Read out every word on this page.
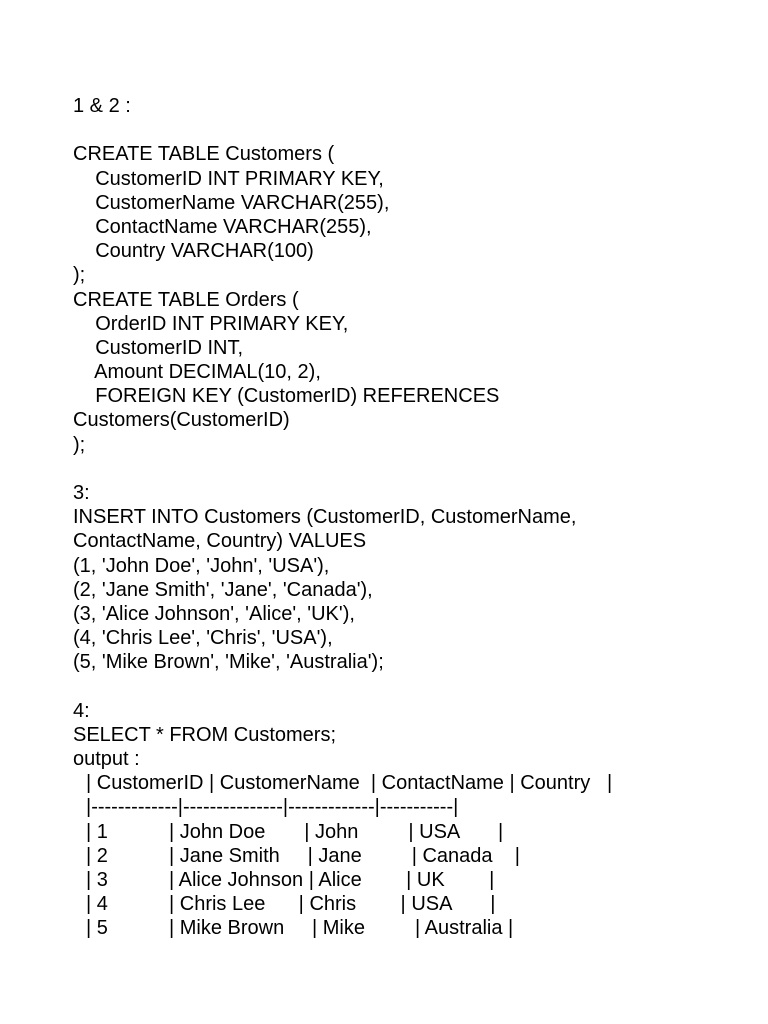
1 & 2 :
CREATE TABLE Customers (
CustomerID INT PRIMARY KEY,
CustomerName VARCHAR(255),
ContactName VARCHAR(255),
Country VARCHAR(100)
);
CREATE TABLE Orders (
OrderID INT PRIMARY KEY,
CustomerID INT,
Amount DECIMAL(10, 2),
FOREIGN KEY (CustomerID) REFERENCES
Customers(CustomerID)
);
3:
INSERT INTO Customers (CustomerID, CustomerName,
ContactName, Country) VALUES
(1, 'John Doe', 'John', 'USA'),
(2, 'Jane Smith', 'Jane', 'Canada'),
(3, 'Alice Johnson', 'Alice', 'UK'),
(4, 'Chris Lee', 'Chris', 'USA'),
(5, 'Mike Brown', 'Mike', 'Australia');
4:
SELECT * FROM Customers;
output :
| CustomerID | CustomerName  | ContactName | Country   |
|-------------|---------------|-------------|-----------|
| 1           | John Doe       | John         | USA       |
| 2           | Jane Smith     | Jane         | Canada    |
| 3           | Alice Johnson | Alice        | UK        |
| 4           | Chris Lee      | Chris        | USA       |
| 5           | Mike Brown     | Mike         | Australia |
